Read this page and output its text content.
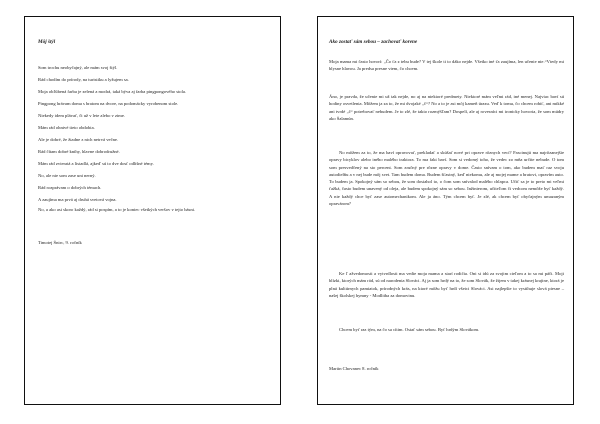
Môj štýl
Som trochu neobyčajný, ale mám svoj štýl.
Rád chodím do prírody, na turistiku a lyžujem sa.
Moja obľúbená farba je zelená a modrá, taká býva aj farba pingpongového stola.
Pingpong hrávam doma s bratom na dvore, na podomácky vyrobenom stole.
Niekedy idem plávať, či už v lete alebo v zime.
Mám rád ohnivé tieto obdobia.
Ale je dobré, že žiadne z nich netrvá večne.
Rád čítam dobré knihy, hlavne dobrodružné.
Mám rád zvieratá a listadlá, ajkeď sú to dve dosť odlišné témy.
No, ale nie som zase uni nerný.
Rád rozprávam o dobrých témach.
A zaujíma ma prvá aj druhá svetová vojna.
No, a ako asi skoro každý, rád si pospím, a to je koniec všetkých veršov v tejto básni.
Timotej Šnirc, 9. ročník
Ako zostať sám sebou – zachovať korene
Moja mama mi často hovorí: „Čo ťa z tebu bude? V tej škole ti to dáko nejde. Všetko iné ťa zaujíma, len učenie nie.“Vtedy mi blysne hlavou. Ja predsa presne viem, čo chcem.
Áno, je pravda, že učenie mi už tak nejde, no aj na niektoré predmety. Niektoré mám veľmi rád, iné menej. Najviac baví sú hodiny osvetlenia. Môžem ja za to, že mi dvojaké „č“? No a to je asi môj kameň úrazu. Veď k tomu, čo chcem robiť, ani mikké ani tvrdé „č“ potrebovať nebudem. Je to zlé, že takto rozmýšľam? Dospelí, ale aj rovesníci mi ironicky hovoria, že som múdry ako Šalamún.
No môžem za to, že ma baví opravovať, prekladať a skúšať nové pri oprave rôznych vecí? Fascinujú ma najrôzanejšie opravy bicyklov alebo iného malého traktora. To ma fakt baví. Som si vedomý toho, že vedec zo mňa určite nebude. O tom som presvedčený na sto percent. Som zručný pre rôzne opravy v dome. Často snívam o tom, ako budem mať raz svoju autodielňu a v nej bude môj svet. Tam budem doma. Budem šťastný, keď niekomu, ale aj mojej mame a bratovi, opravím auto. To budem ja. Spokojný sám so sebou, že som dosiahol to, o čom som snívalod malého chlapca. Učiť sa je to preto mi veľmi ťažká, často budem unavený od oleja, ale budem spokojný sám so sebou. Inžinierom, učiteľom či vedcom nemôže byť každý. A nie každý chce byť zase automechanikom. Ale ja áno. Tým chcem byť. Je zlé, ak chcem byť obyčajným umazaným opravárom?
Ke ľ ažvedomosti a vytvrdlosti ma vedie moja mama a starí rodičia. Oni si idú za svojim cieľom a to sa mi páči. Moji blízki, ktorých mám rád, sú od narodenia Slováci. Aj ja som hrdý na to, že som Slovák, že žijem v takej krásnej krajine, ktorá je plná kultúrnych pamiatok, prírodných krás, na ktoré môžu byť hrdí všetci Slováci. Asi najlepšie to vystihuje slová piesne – našej školskej hymny - Modlitba za domovinu.
Chcem byť raz tým, na čo sa cítim. Ostať sám sebou. Byť hrdým Slovákom.
Martin Chovanec 8. ročník
